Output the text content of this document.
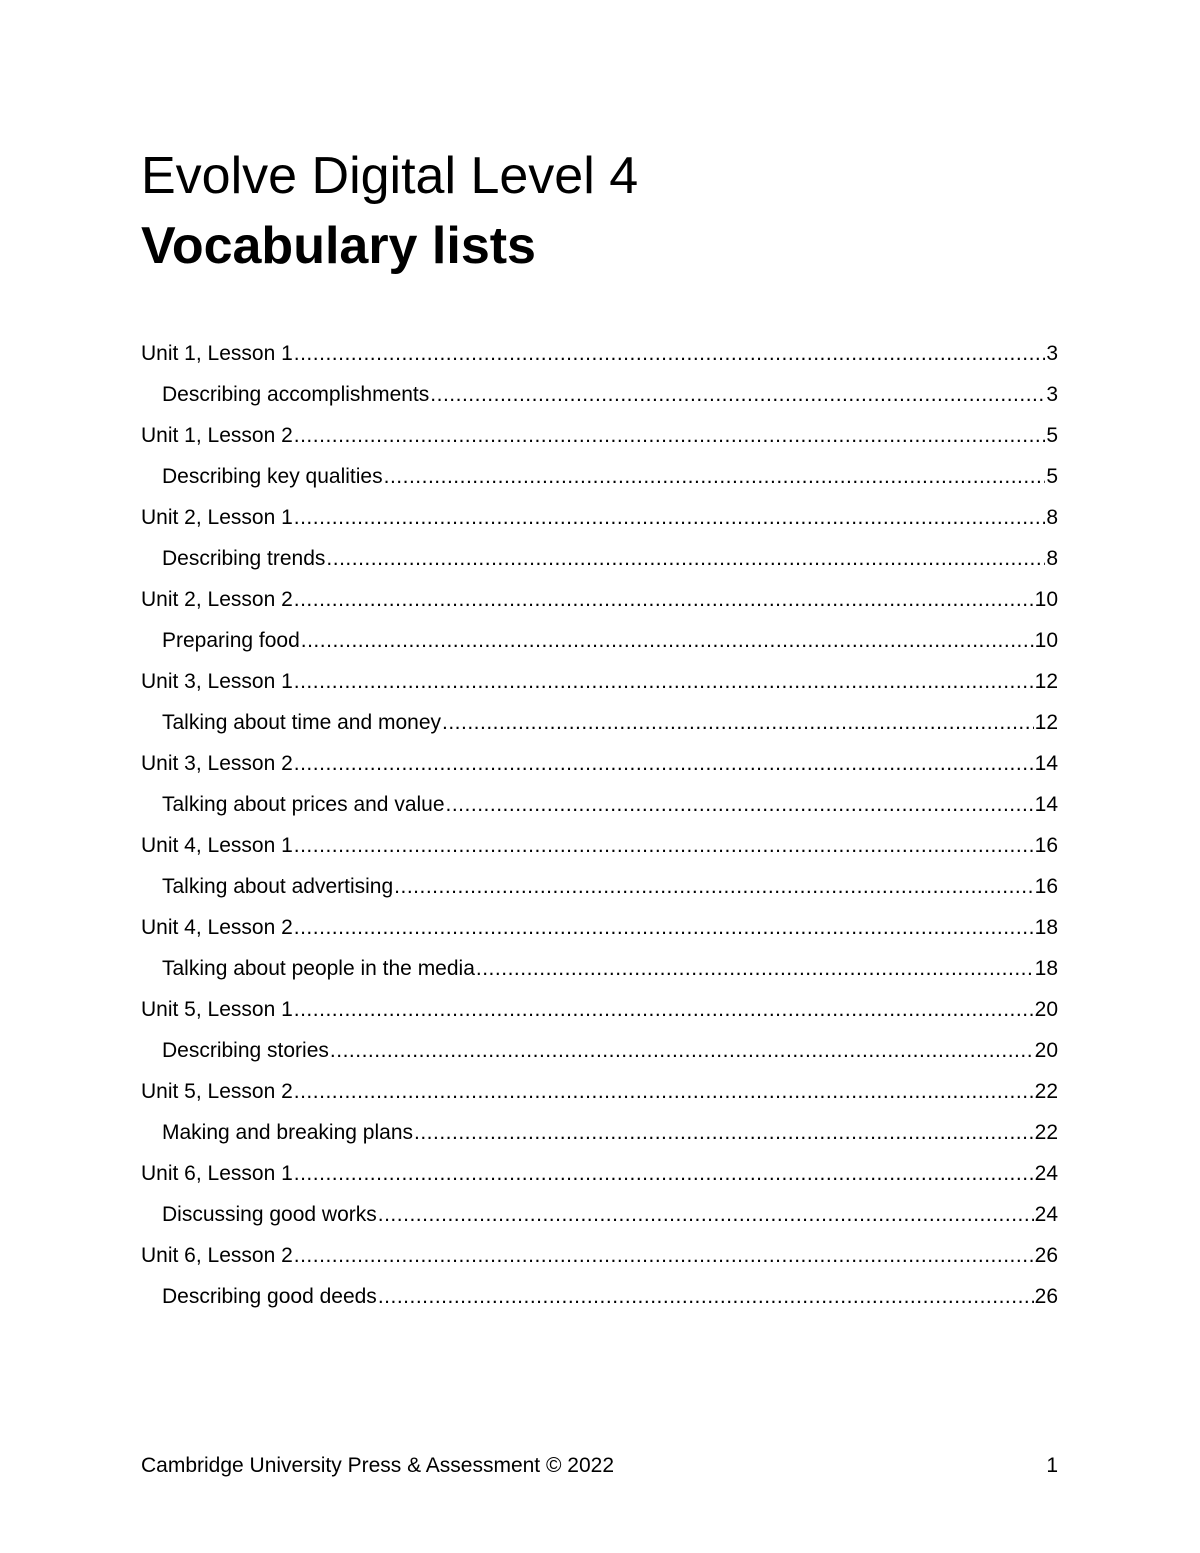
Evolve Digital Level 4
Vocabulary lists
Unit 1, Lesson 1 .....	3
Describing accomplishments .....	3
Unit 1, Lesson 2 .....	5
Describing key qualities .....	5
Unit 2, Lesson 1 .....	8
Describing trends .....	8
Unit 2, Lesson 2 .....	10
Preparing food .....	10
Unit 3, Lesson 1 .....	12
Talking about time and money .....	12
Unit 3, Lesson 2 .....	14
Talking about prices and value .....	14
Unit 4, Lesson 1 .....	16
Talking about advertising .....	16
Unit 4, Lesson 2 .....	18
Talking about people in the media .....	18
Unit 5, Lesson 1 .....	20
Describing stories .....	20
Unit 5, Lesson 2 .....	22
Making and breaking plans .....	22
Unit 6, Lesson 1 .....	24
Discussing good works .....	24
Unit 6, Lesson 2 .....	26
Describing good deeds .....	26
Cambridge University Press & Assessment © 2022	1
